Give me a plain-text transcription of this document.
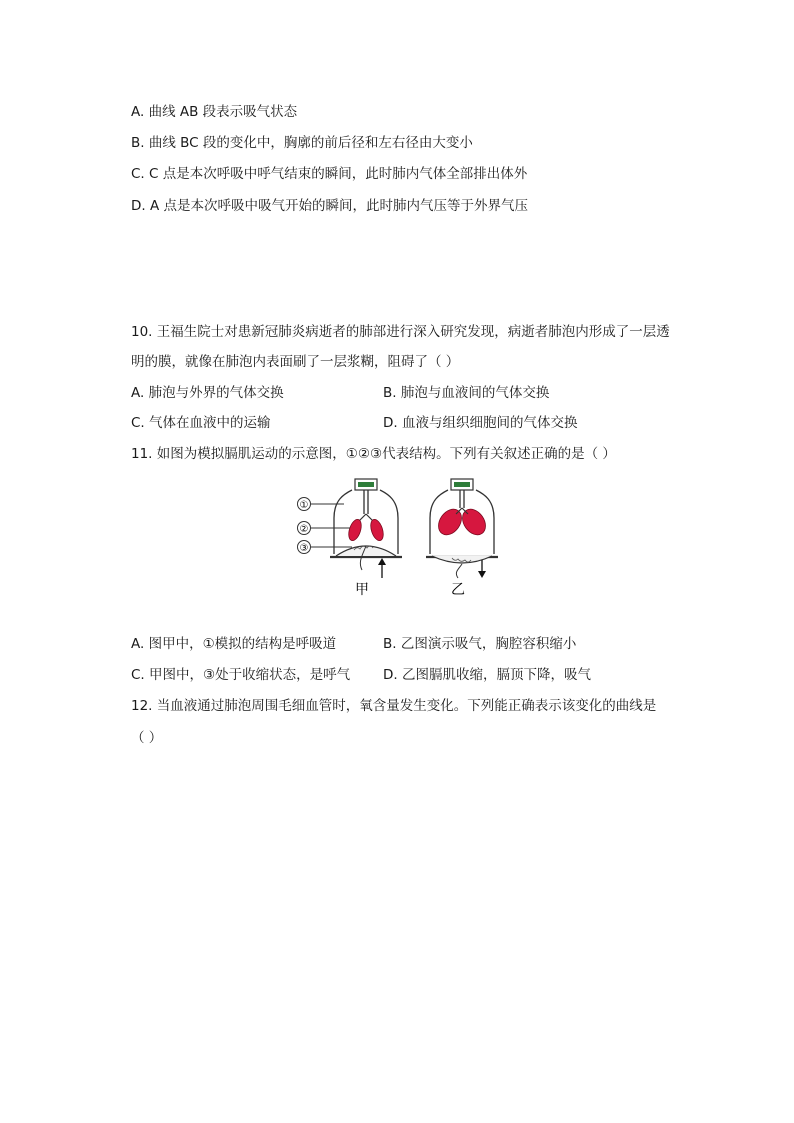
A. 曲线 AB 段表示吸气状态
B. 曲线 BC 段的变化中，胸廓的前后径和左右径由大变小
C. C 点是本次呼吸中呼气结束的瞬间，此时肺内气体全部排出体外
D. A 点是本次呼吸中吸气开始的瞬间，此时肺内气压等于外界气压
10. 王福生院士对患新冠肺炎病逝者的肺部进行深入研究发现，病逝者肺泡内形成了一层透
明的膜，就像在肺泡内表面刷了一层浆糊，阻碍了（ ）
A. 肺泡与外界的气体交换	B. 肺泡与血液间的气体交换
C. 气体在血液中的运输	D. 血液与组织细胞间的气体交换
11. 如图为模拟膈肌运动的示意图，①②③代表结构。下列有关叙述正确的是（ ）
①
②
③
甲	乙
A. 图甲中，①模拟的结构是呼吸道	B. 乙图演示吸气，胸腔容积缩小
C. 甲图中，③处于收缩状态，是呼气 D. 乙图膈肌收缩，膈顶下降，吸气
12. 当血液通过肺泡周围毛细血管时，氧含量发生变化。下列能正确表示该变化的曲线是
（ ）
